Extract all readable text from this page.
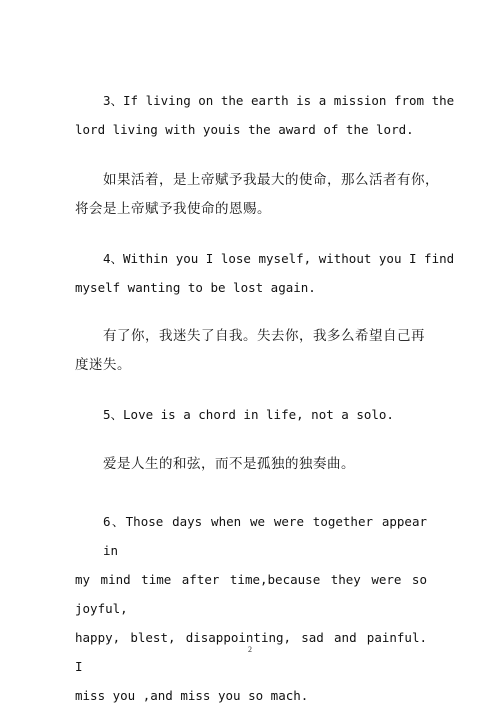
3、If living on the earth is a mission from the

lord living with youis the award of the lord.

如果活着，是上帝赋予我最大的使命，那么活者有你，

将会是上帝赋予我使命的恩赐。

4、Within you I lose myself, without you I find

myself wanting to be lost again.

有了你，我迷失了自我。失去你，我多么希望自己再

度迷失。

5、Love is a chord in life, not a solo.

爱是人生的和弦，而不是孤独的独奏曲。

6、Those days when we were together appear in

my mind time after time,because they were so joyful,

happy, blest, disappointing, sad and painful. I

miss you ,and miss you so mach.

2
